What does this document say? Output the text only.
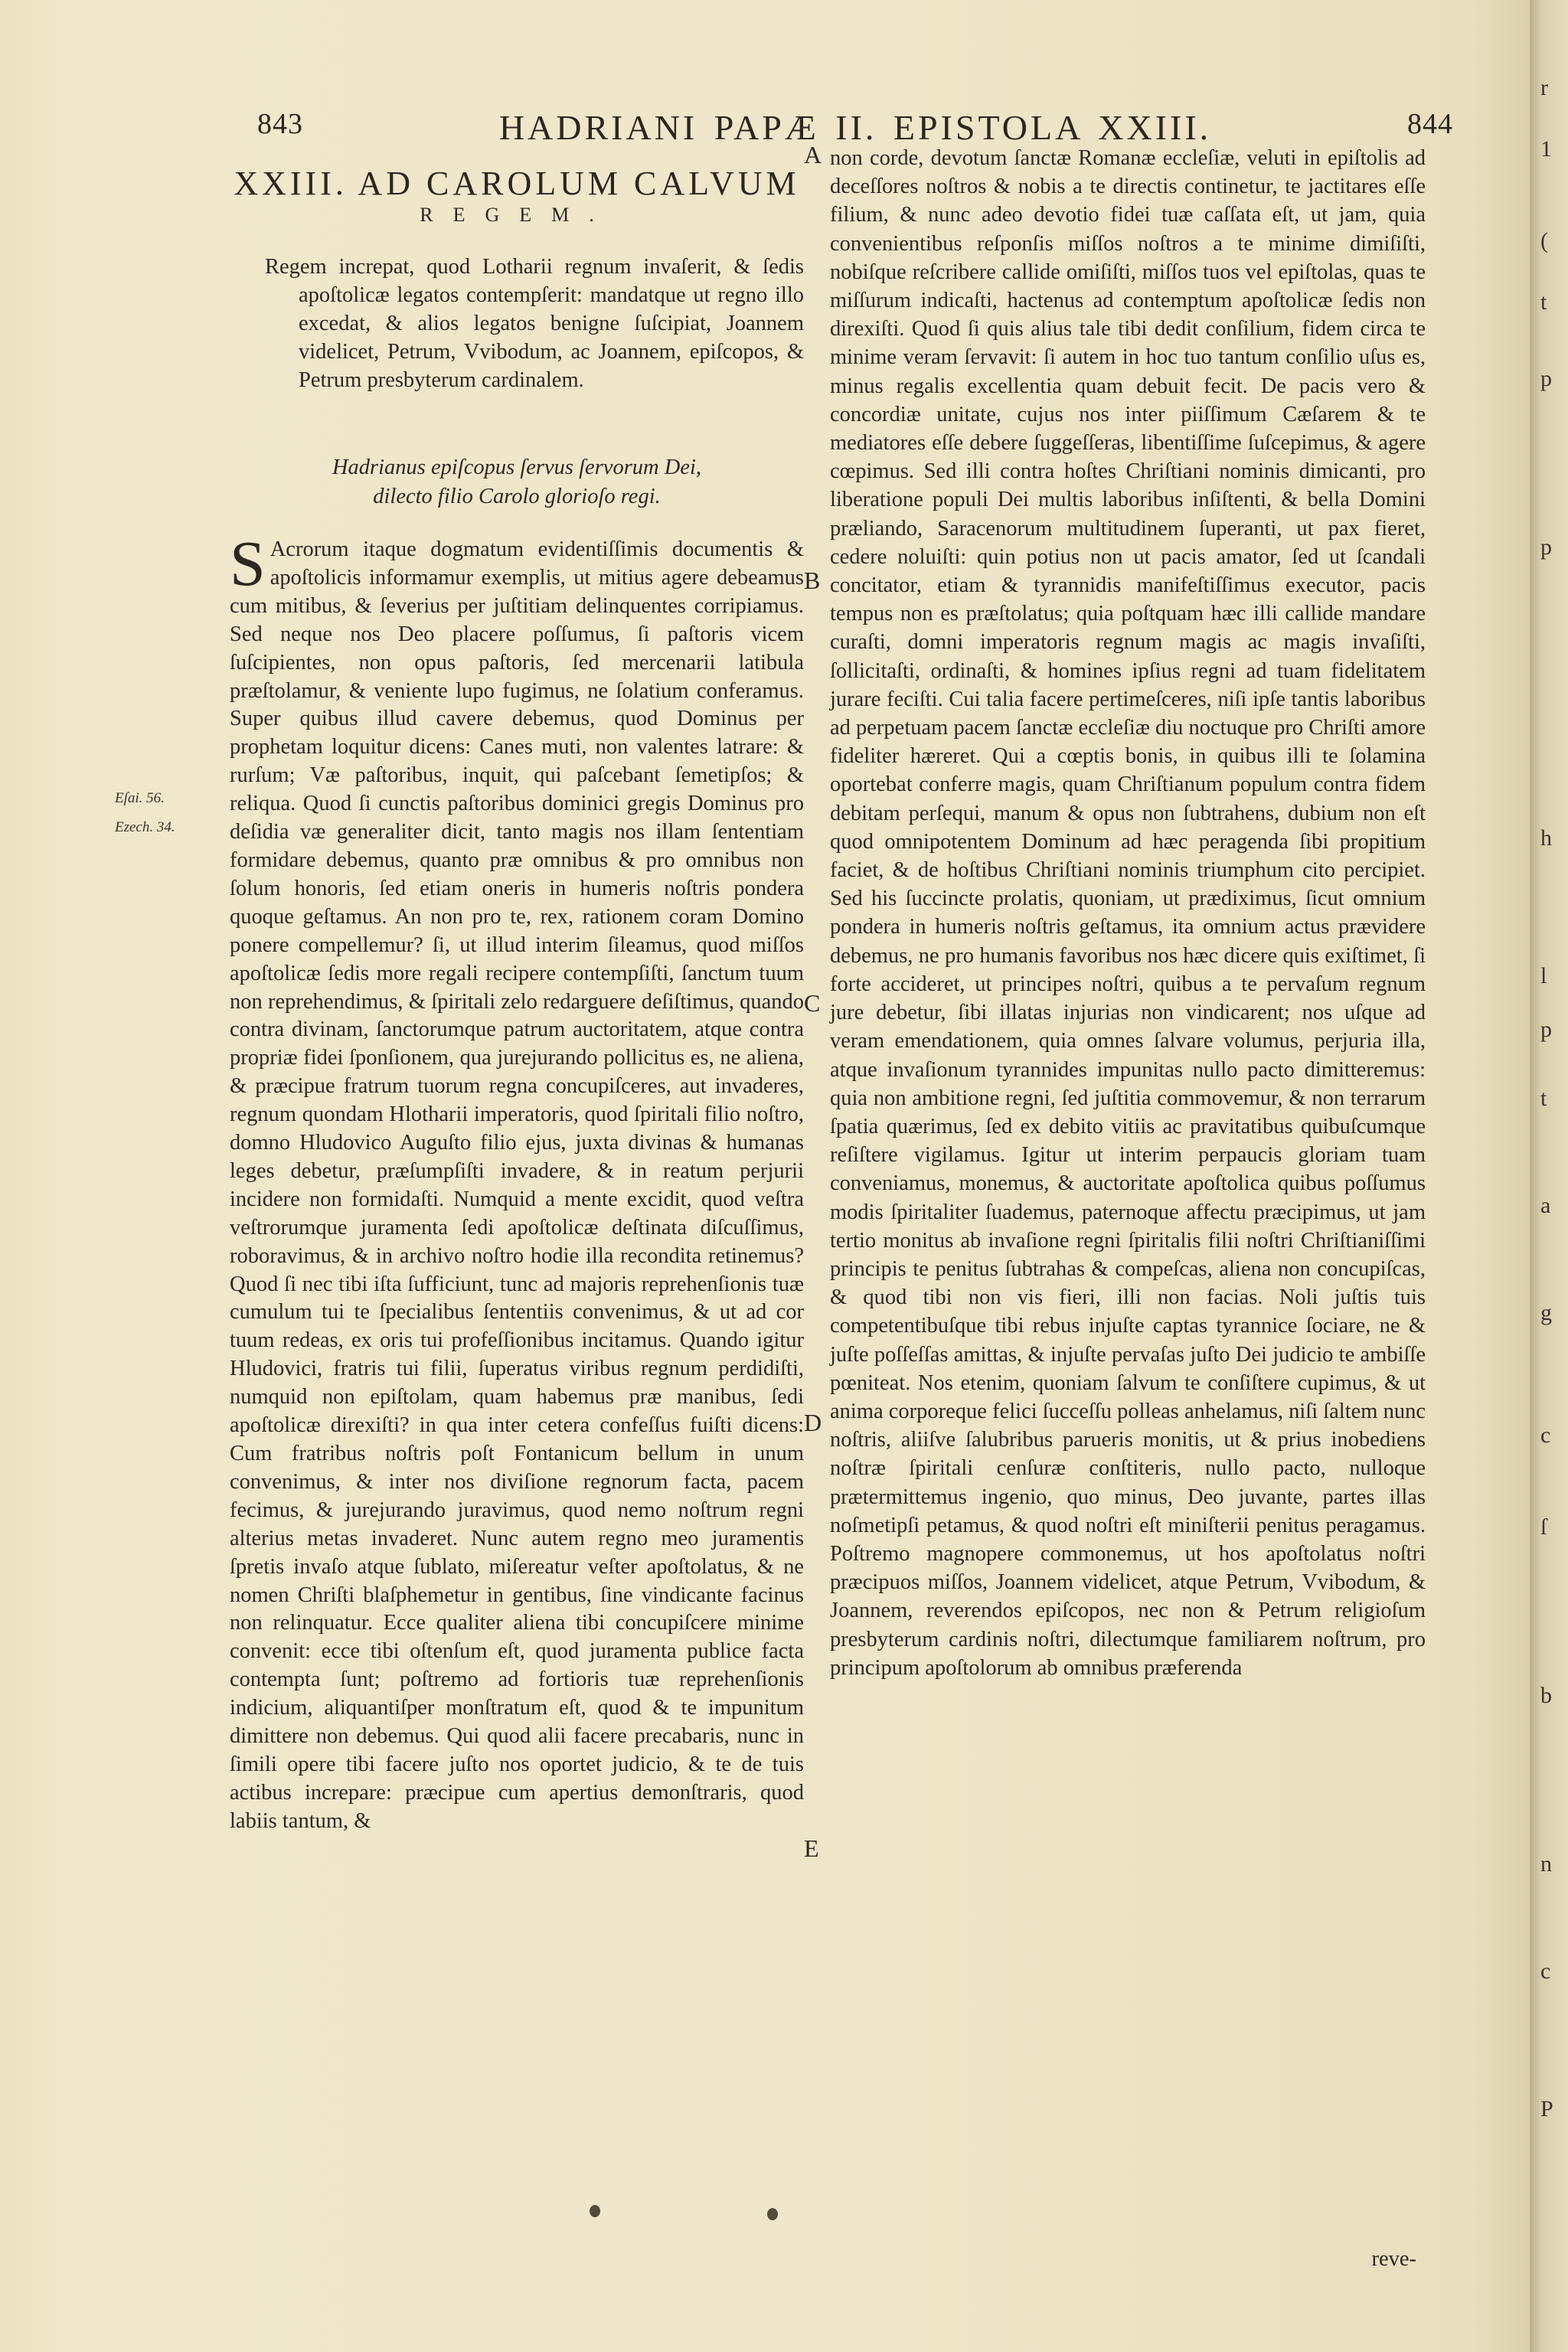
r
1
(
t
p
p
h
l
p
t
a
g
c
ſ
b
n
c
P
843	HADRIANI PAPÆ II. EPISTOLA XXIII.	844
XXIII. AD CAROLUM CALVUM
REGEM.
Regem increpat, quod Lotharii regnum invaſerit, & ſedis apoſtolicæ legatos contempſerit: mandatque ut regno illo excedat, & alios legatos benigne ſuſcipiat, Joannem videlicet, Petrum, Vvibodum, ac Joannem, epiſcopos, & Petrum presbyterum cardinalem.
Hadrianus epiſcopus ſervus ſervorum Dei,
dilecto filio Carolo glorioſo regi.
S Acrorum itaque dogmatum evidentiſſimis documentis & apoſtolicis informamur exemplis, ut mitius agere debeamus cum mitibus, & ſeverius per juſtitiam delinquentes corripiamus. Sed neque nos Deo placere poſſumus, ſi paſtoris vicem ſuſcipientes, non opus paſtoris, ſed mercenarii latibula præſtolamur, & veniente lupo fugimus, ne ſolatium conferamus. Super quibus illud cavere debemus, quod Dominus per prophetam loquitur dicens: Canes muti, non valentes latrare: & rurſum; Væ paſtoribus, inquit, qui paſcebant ſemetipſos; & reliqua. Quod ſi cunctis paſtoribus dominici gregis Dominus pro deſidia væ generaliter dicit, tanto magis nos illam ſententiam formidare debemus, quanto præ omnibus & pro omnibus non ſolum honoris, ſed etiam oneris in humeris noſtris pondera quoque geſtamus. An non pro te, rex, rationem coram Domino ponere compellemur? ſi, ut illud interim ſileamus, quod miſſos apoſtolicæ ſedis more regali recipere contempſiſti, ſanctum tuum non reprehendimus, & ſpiritali zelo redarguere deſiſtimus, quando contra divinam, ſanctorumque patrum auctoritatem, atque contra propriæ fidei ſponſionem, qua jurejurando pollicitus es, ne aliena, & præcipue fratrum tuorum regna concupiſceres, aut invaderes, regnum quondam Hlotharii imperatoris, quod ſpiritali filio noſtro, domno Hludovico Auguſto filio ejus, juxta divinas & humanas leges debetur, præſumpſiſti invadere, & in reatum perjurii incidere non formidaſti. Numquid a mente excidit, quod veſtra veſtrorumque juramenta ſedi apoſtolicæ deſtinata diſcuſſimus, roboravimus, & in archivo noſtro hodie illa recondita retinemus? Quod ſi nec tibi iſta ſufficiunt, tunc ad majoris reprehenſionis tuæ cumulum tui te ſpecialibus ſententiis convenimus, & ut ad cor tuum redeas, ex oris tui profeſſionibus incitamus. Quando igitur Hludovici, fratris tui filii, ſuperatus viribus regnum perdidiſti, numquid non epiſtolam, quam habemus præ manibus, ſedi apoſtolicæ direxiſti? in qua inter cetera confeſſus fuiſti dicens: Cum fratribus noſtris poſt Fontanicum bellum in unum convenimus, & inter nos diviſione regnorum facta, pacem fecimus, & jurejurando juravimus, quod nemo noſtrum regni alterius metas invaderet. Nunc autem regno meo juramentis ſpretis invaſo atque ſublato, miſereatur veſter apoſtolatus, & ne nomen Chriſti blaſphemetur in gentibus, ſine vindicante facinus non relinquatur. Ecce qualiter aliena tibi concupiſcere minime convenit: ecce tibi oſtenſum eſt, quod juramenta publice facta contempta ſunt; poſtremo ad fortioris tuæ reprehenſionis indicium, aliquantiſper monſtratum eſt, quod & te impunitum dimittere non debemus. Qui quod alii facere precabaris, nunc in ſimili opere tibi facere juſto nos oportet judicio, & te de tuis actibus increpare: præcipue cum apertius demonſtraris, quod labiis tantum, &
non corde, devotum ſanctæ Romanæ eccleſiæ, veluti in epiſtolis ad deceſſores noſtros & nobis a te directis continetur, te jactitares eſſe filium, & nunc adeo devotio fidei tuæ caſſata eſt, ut jam, quia convenientibus reſponſis miſſos noſtros a te minime dimiſiſti, nobiſque reſcribere callide omiſiſti, miſſos tuos vel epiſtolas, quas te miſſurum indicaſti, hactenus ad contemptum apoſtolicæ ſedis non direxiſti. Quod ſi quis alius tale tibi dedit conſilium, fidem circa te minime veram ſervavit: ſi autem in hoc tuo tantum conſilio uſus es, minus regalis excellentia quam debuit fecit. De pacis vero & concordiæ unitate, cujus nos inter piiſſimum Cæſarem & te mediatores eſſe debere ſuggeſſeras, libentiſſime ſuſcepimus, & agere cœpimus. Sed illi contra hoſtes Chriſtiani nominis dimicanti, pro liberatione populi Dei multis laboribus inſiſtenti, & bella Domini præliando, Saracenorum multitudinem ſuperanti, ut pax fieret, cedere noluiſti: quin potius non ut pacis amator, ſed ut ſcandali concitator, etiam & tyrannidis manifeſtiſſimus executor, pacis tempus non es præſtolatus; quia poſtquam hæc illi callide mandare curaſti, domni imperatoris regnum magis ac magis invaſiſti, ſollicitaſti, ordinaſti, & homines ipſius regni ad tuam fidelitatem jurare feciſti. Cui talia facere pertimeſceres, niſi ipſe tantis laboribus ad perpetuam pacem ſanctæ eccleſiæ diu noctuque pro Chriſti amore fideliter hæreret. Qui a cœptis bonis, in quibus illi te ſolamina oportebat conferre magis, quam Chriſtianum populum contra fidem debitam perſequi, manum & opus non ſubtrahens, dubium non eſt quod omnipotentem Dominum ad hæc peragenda ſibi propitium faciet, & de hoſtibus Chriſtiani nominis triumphum cito percipiet. Sed his ſuccincte prolatis, quoniam, ut prædiximus, ſicut omnium pondera in humeris noſtris geſtamus, ita omnium actus prævidere debemus, ne pro humanis favoribus nos hæc dicere quis exiſtimet, ſi forte accideret, ut principes noſtri, quibus a te pervaſum regnum jure debetur, ſibi illatas injurias non vindicarent; nos uſque ad veram emendationem, quia omnes ſalvare volumus, perjuria illa, atque invaſionum tyrannides impunitas nullo pacto dimitteremus: quia non ambitione regni, ſed juſtitia commovemur, & non terrarum ſpatia quærimus, ſed ex debito vitiis ac pravitatibus quibuſcumque reſiſtere vigilamus. Igitur ut interim perpaucis gloriam tuam conveniamus, monemus, & auctoritate apoſtolica quibus poſſumus modis ſpiritaliter ſuademus, paternoque affectu præcipimus, ut jam tertio monitus ab invaſione regni ſpiritalis filii noſtri Chriſtianiſſimi principis te penitus ſubtrahas & compeſcas, aliena non concupiſcas, & quod tibi non vis fieri, illi non facias. Noli juſtis tuis competentibuſque tibi rebus injuſte captas tyrannice ſociare, ne & juſte poſſeſſas amittas, & injuſte pervaſas juſto Dei judicio te ambiſſe pœniteat. Nos etenim, quoniam ſalvum te conſiſtere cupimus, & ut anima corporeque felici ſucceſſu polleas anhelamus, niſi ſaltem nunc noſtris, aliiſve ſalubribus parueris monitis, ut & prius inobediens noſtræ ſpiritali cenſuræ conſtiteris, nullo pacto, nulloque prætermittemus ingenio, quo minus, Deo juvante, partes illas noſmetipſi petamus, & quod noſtri eſt miniſterii penitus peragamus. Poſtremo magnopere commonemus, ut hos apoſtolatus noſtri præcipuos miſſos, Joannem videlicet, atque Petrum, Vvibodum, & Joannem, reverendos epiſcopos, nec non & Petrum religioſum presbyterum cardinis noſtri, dilectumque familiarem noſtrum, pro principum apoſtolorum ab omnibus præferenda
reve-
Eſai. 56.
Ezech. 34.
A
B
C
D
E
